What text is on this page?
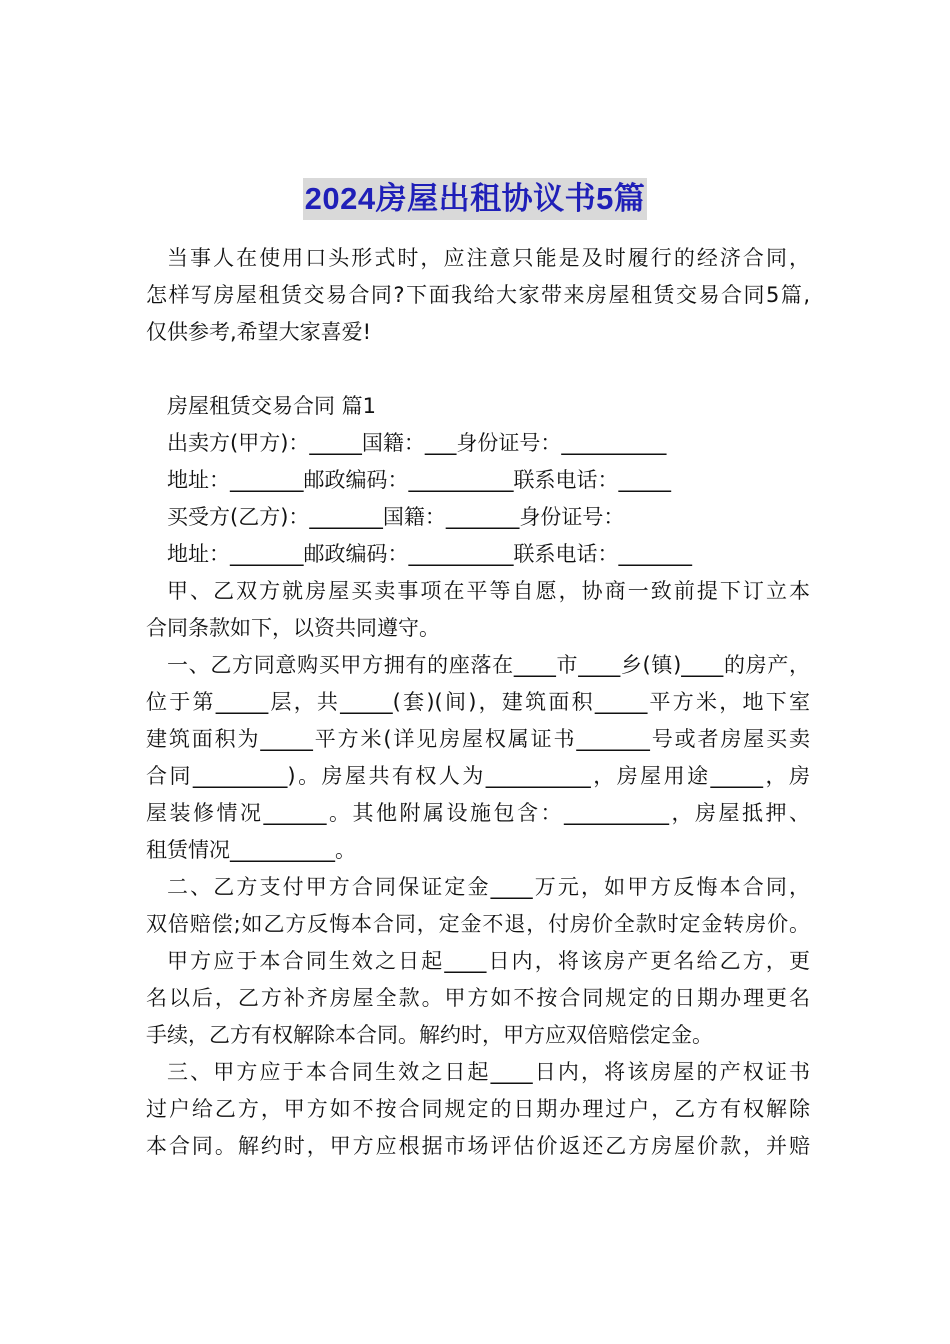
2024房屋出租协议书5篇
当事人在使用口头形式时，应注意只能是及时履行的经济合同，
怎样写房屋租赁交易合同?下面我给大家带来房屋租赁交易合同5篇,
仅供参考,希望大家喜爱!
房屋租赁交易合同 篇1
出卖方(甲方)：_____国籍：___身份证号：__________
地址：_______邮政编码：__________联系电话：_____
买受方(乙方)：_______国籍：_______身份证号：
地址：_______邮政编码：__________联系电话：_______
甲、乙双方就房屋买卖事项在平等自愿，协商一致前提下订立本
合同条款如下，以资共同遵守。
一、乙方同意购买甲方拥有的座落在____市____乡(镇)____的房产，
位于第_____层，共_____(套)(间)，建筑面积_____平方米，地下室
建筑面积为_____平方米(详见房屋权属证书_______号或者房屋买卖
合同_________)。房屋共有权人为__________，房屋用途_____，房
屋装修情况______。其他附属设施包含：__________，房屋抵押、
租赁情况__________。
二、乙方支付甲方合同保证定金____万元，如甲方反悔本合同，
双倍赔偿;如乙方反悔本合同，定金不退，付房价全款时定金转房价。
甲方应于本合同生效之日起____日内，将该房产更名给乙方，更
名以后，乙方补齐房屋全款。甲方如不按合同规定的日期办理更名
手续，乙方有权解除本合同。解约时，甲方应双倍赔偿定金。
三、甲方应于本合同生效之日起____日内，将该房屋的产权证书
过户给乙方，甲方如不按合同规定的日期办理过户，乙方有权解除
本合同。解约时，甲方应根据市场评估价返还乙方房屋价款，并赔
